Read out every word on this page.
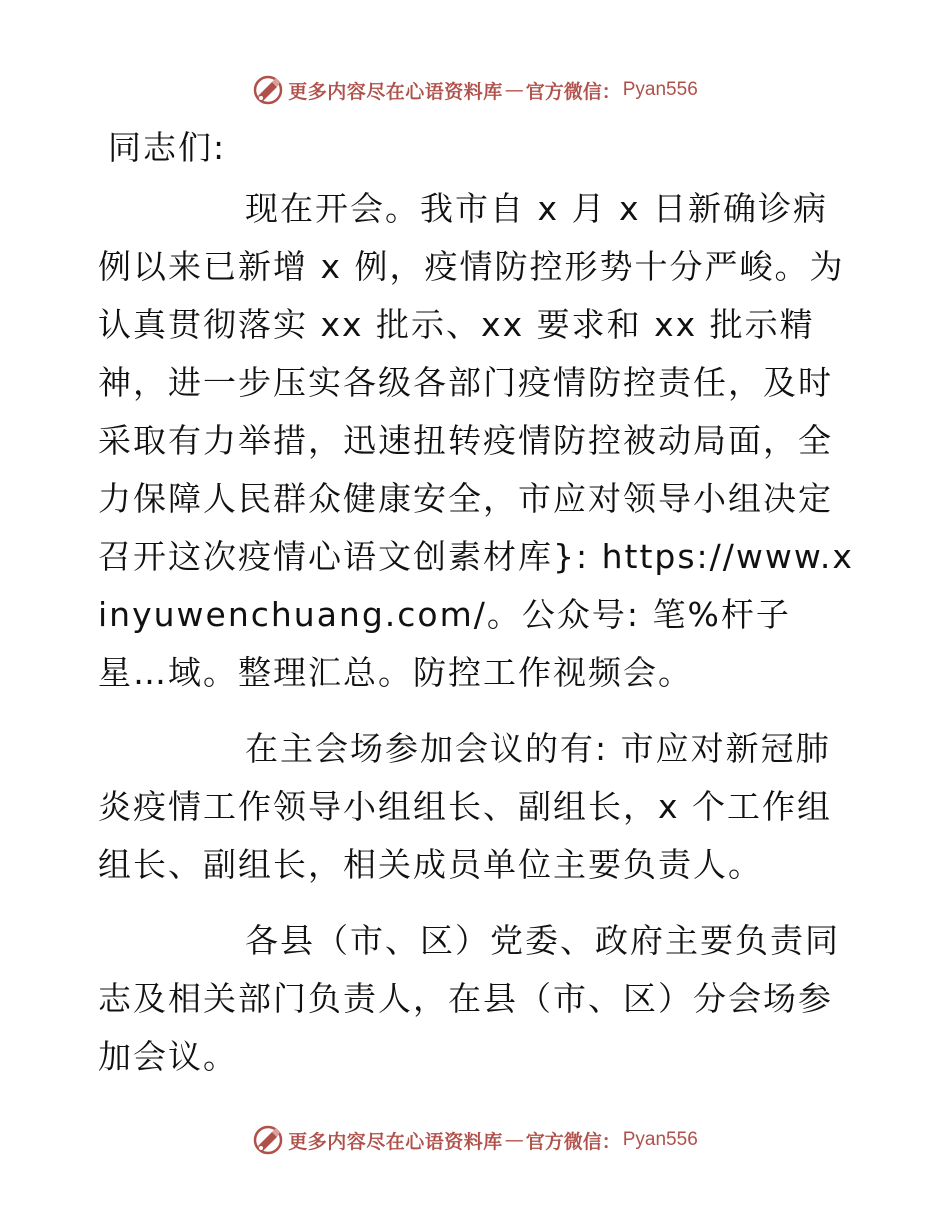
更多内容尽在心语资料库 — 官方微信： Pyan556
同志们:

现在开会。我市自 x 月 x 日新确诊病例以来已新增 x 例，疫情防控形势十分严峻。为认真贯彻落实 xx 批示、xx 要求和 xx 批示精神，进一步压实各级各部门疫情防控责任，及时采取有力举措，迅速扭转疫情防控被动局面，全力保障人民群众健康安全，市应对领导小组决定召开这次疫情心语文创素材库}: https://www.xinyuwenchuang.com/。公众号: 笔%杆子星…域。整理汇总。防控工作视频会。

在主会场参加会议的有: 市应对新冠肺炎疫情工作领导小组组长、副组长，x 个工作组组长、副组长，相关成员单位主要负责人。

各县（市、区）党委、政府主要负责同志及相关部门负责人，在县（市、区）分会场参加会议。

更多内容尽在心语资料库 — 官方微信： Pyan556
